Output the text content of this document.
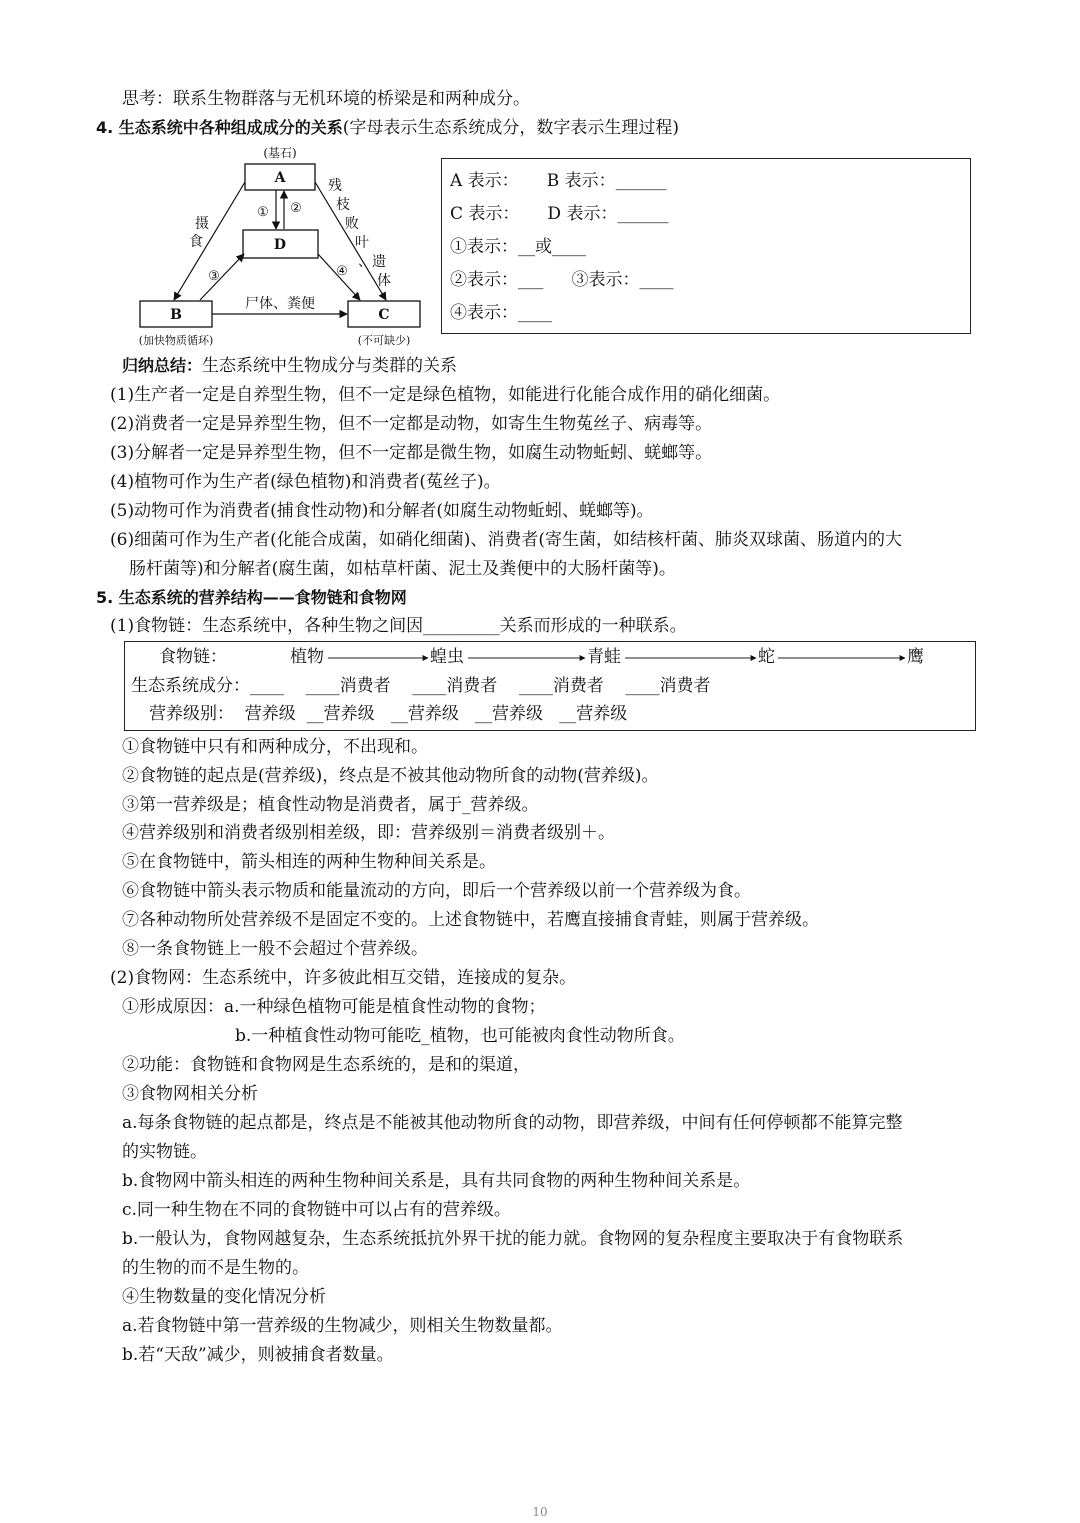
思考：联系生物群落与无机环境的桥梁是和两种成分。
4. 生态系统中各种组成成分的关系(字母表示生态系统成分，数字表示生理过程)
(基石)
A
D
B	C
① ②
摄
食
残
枝
败
叶
、遗
体
③	④
尸体、粪便
(加快物质循环)	(不可缺少)
A 表示： B 表示：______
C 表示： D 表示：______
①表示：__或____
②表示：___ ③表示：____
④表示：____
归纳总结：生态系统中生物成分与类群的关系
(1)生产者一定是自养型生物，但不一定是绿色植物，如能进行化能合成作用的硝化细菌。
(2)消费者一定是异养型生物，但不一定都是动物，如寄生生物菟丝子、病毒等。
(3)分解者一定是异养型生物，但不一定都是微生物，如腐生动物蚯蚓、蜣螂等。
(4)植物可作为生产者(绿色植物)和消费者(菟丝子)。
(5)动物可作为消费者(捕食性动物)和分解者(如腐生动物蚯蚓、蜣螂等)。
(6)细菌可作为生产者(化能合成菌，如硝化细菌)、消费者(寄生菌，如结核杆菌、肺炎双球菌、肠道内的大
肠杆菌等)和分解者(腐生菌，如枯草杆菌、泥土及粪便中的大肠杆菌等)。
5. 生态系统的营养结构——食物链和食物网
(1)食物链：生态系统中，各种生物之间因_________关系而形成的一种联系。
食物链：	植物	蝗虫	青蛙	蛇	鹰
生态系统成分：____    ____消费者    ____消费者    ____消费者    ____消费者
营养级别：  营养级  __营养级   __营养级   __营养级   __营养级
①食物链中只有和两种成分，不出现和。
②食物链的起点是(营养级)，终点是不被其他动物所食的动物(营养级)。
③第一营养级是；植食性动物是消费者，属于_营养级。
④营养级别和消费者级别相差级，即：营养级别＝消费者级别＋。
⑤在食物链中，箭头相连的两种生物种间关系是。
⑥食物链中箭头表示物质和能量流动的方向，即后一个营养级以前一个营养级为食。
⑦各种动物所处营养级不是固定不变的。上述食物链中，若鹰直接捕食青蛙，则属于营养级。
⑧一条食物链上一般不会超过个营养级。
(2)食物网：生态系统中，许多彼此相互交错，连接成的复杂。
①形成原因：a.一种绿色植物可能是植食性动物的食物；
b.一种植食性动物可能吃_植物，也可能被肉食性动物所食。
②功能：食物链和食物网是生态系统的，是和的渠道，
③食物网相关分析
a.每条食物链的起点都是，终点是不能被其他动物所食的动物，即营养级，中间有任何停顿都不能算完整
的实物链。
b.食物网中箭头相连的两种生物种间关系是，具有共同食物的两种生物种间关系是。
c.同一种生物在不同的食物链中可以占有的营养级。
b.一般认为，食物网越复杂，生态系统抵抗外界干扰的能力就。食物网的复杂程度主要取决于有食物联系
的生物的而不是生物的。
④生物数量的变化情况分析
a.若食物链中第一营养级的生物减少，则相关生物数量都。
b.若“天敌”减少，则被捕食者数量。
10
